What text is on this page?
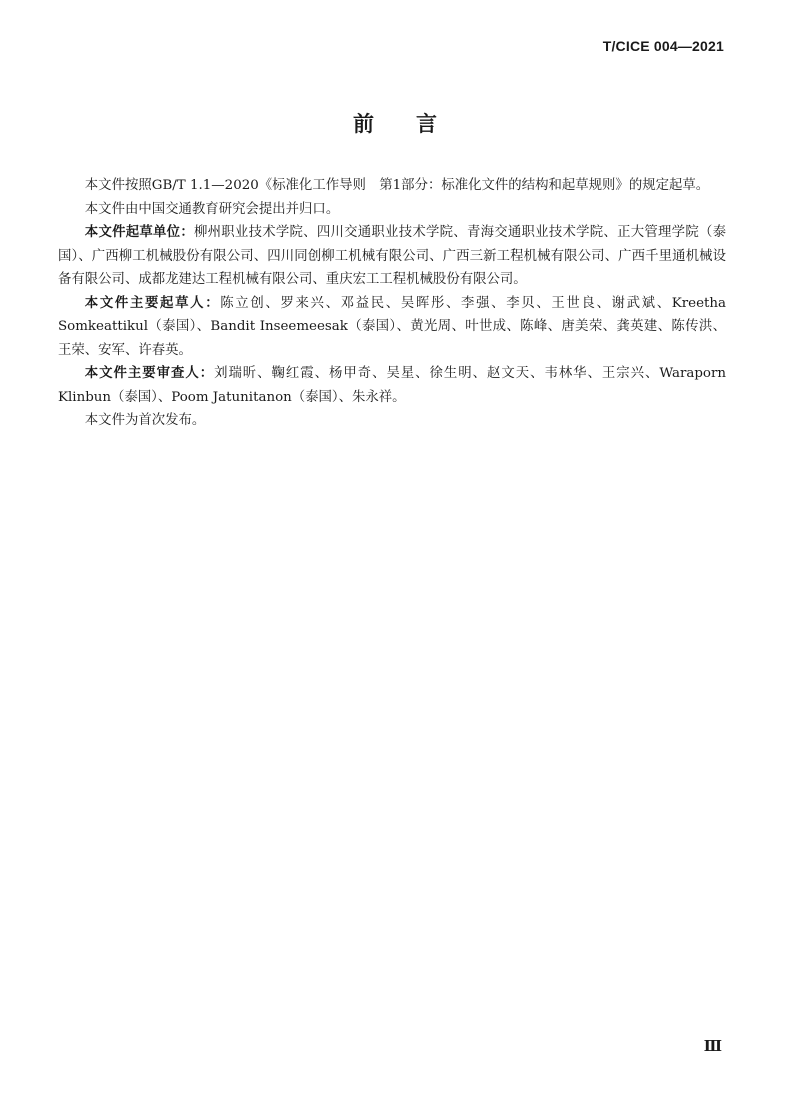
T/CICE 004—2021
前言

本文件按照GB/T 1.1—2020《标准化工作导则　第1部分：标准化文件的结构和起草规则》的规定起草。

本文件由中国交通教育研究会提出并归口。

本文件起草单位：柳州职业技术学院、四川交通职业技术学院、青海交通职业技术学院、正大管理学院（泰国）、广西柳工机械股份有限公司、四川同创柳工机械有限公司、广西三新工程机械有限公司、广西千里通机械设备有限公司、成都龙建达工程机械有限公司、重庆宏工工程机械股份有限公司。

本文件主要起草人：陈立创、罗来兴、邓益民、吴晖彤、李强、李贝、王世良、谢武斌、Kreetha Somkeattikul（泰国）、Bandit Inseemeesak（泰国）、黄光周、叶世成、陈峰、唐美荣、龚英建、陈传洪、王荣、安军、许春英。

本文件主要审查人：刘瑞昕、鞠红霞、杨甲奇、吴星、徐生明、赵文天、韦林华、王宗兴、Waraporn Klinbun（泰国）、Poom Jatunitanon（泰国）、朱永祥。

本文件为首次发布。

Ⅲ
